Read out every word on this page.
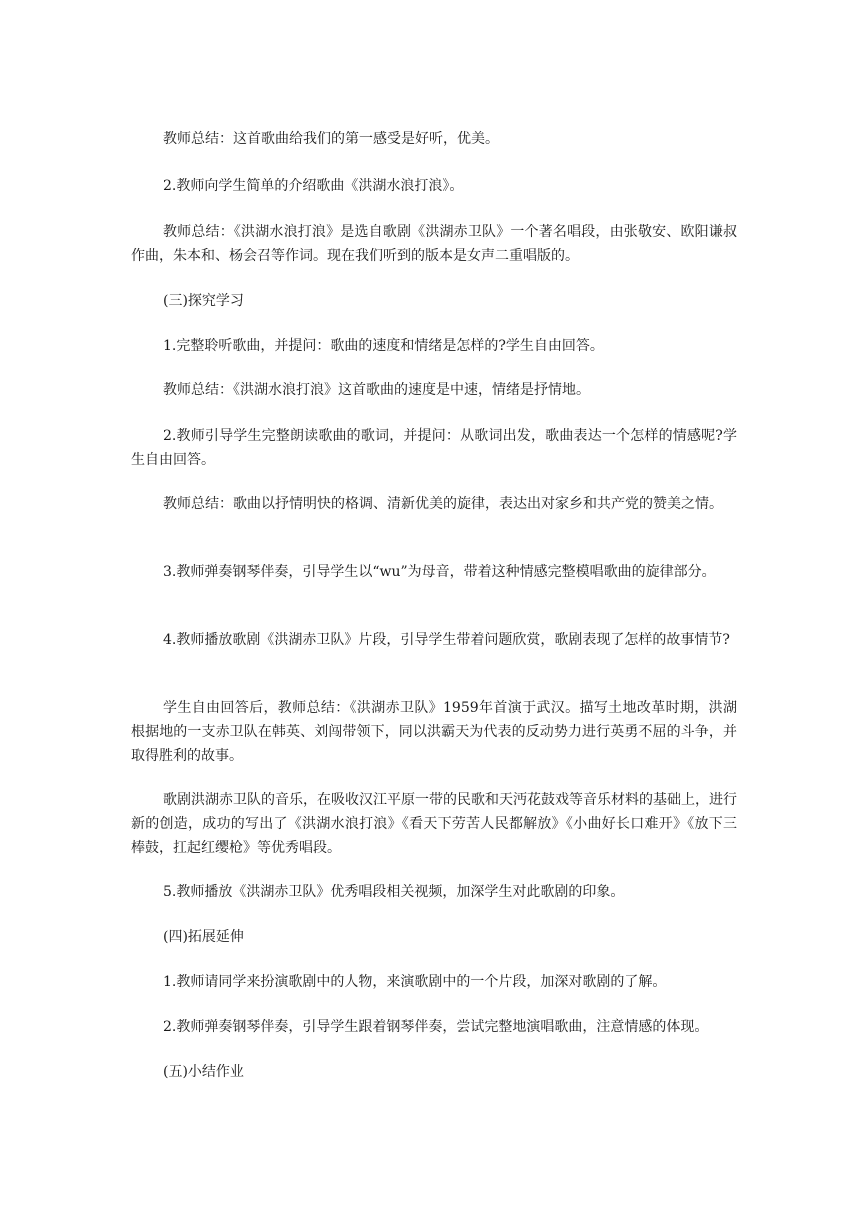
教师总结：这首歌曲给我们的第一感受是好听，优美。

2.教师向学生简单的介绍歌曲《洪湖水浪打浪》。

教师总结：《洪湖水浪打浪》是选自歌剧《洪湖赤卫队》一个著名唱段，由张敬安、欧阳谦叔作曲，朱本和、杨会召等作词。现在我们听到的版本是女声二重唱版的。

(三)探究学习

1.完整聆听歌曲，并提问：歌曲的速度和情绪是怎样的?学生自由回答。

教师总结：《洪湖水浪打浪》这首歌曲的速度是中速，情绪是抒情地。

2.教师引导学生完整朗读歌曲的歌词，并提问：从歌词出发，歌曲表达一个怎样的情感呢?学生自由回答。

教师总结：歌曲以抒情明快的格调、清新优美的旋律，表达出对家乡和共产党的赞美之情。

3.教师弹奏钢琴伴奏，引导学生以“wu”为母音，带着这种情感完整模唱歌曲的旋律部分。

4.教师播放歌剧《洪湖赤卫队》片段，引导学生带着问题欣赏，歌剧表现了怎样的故事情节?

学生自由回答后，教师总结：《洪湖赤卫队》1959年首演于武汉。描写土地改革时期，洪湖根据地的一支赤卫队在韩英、刘闯带领下，同以洪霸天为代表的反动势力进行英勇不屈的斗争，并取得胜利的故事。

歌剧洪湖赤卫队的音乐，在吸收汉江平原一带的民歌和天沔花鼓戏等音乐材料的基础上，进行新的创造，成功的写出了《洪湖水浪打浪》《看天下劳苦人民都解放》《小曲好长口难开》《放下三棒鼓，扛起红缨枪》等优秀唱段。

5.教师播放《洪湖赤卫队》优秀唱段相关视频，加深学生对此歌剧的印象。

(四)拓展延伸

1.教师请同学来扮演歌剧中的人物，来演歌剧中的一个片段，加深对歌剧的了解。

2.教师弹奏钢琴伴奏，引导学生跟着钢琴伴奏，尝试完整地演唱歌曲，注意情感的体现。

(五)小结作业
